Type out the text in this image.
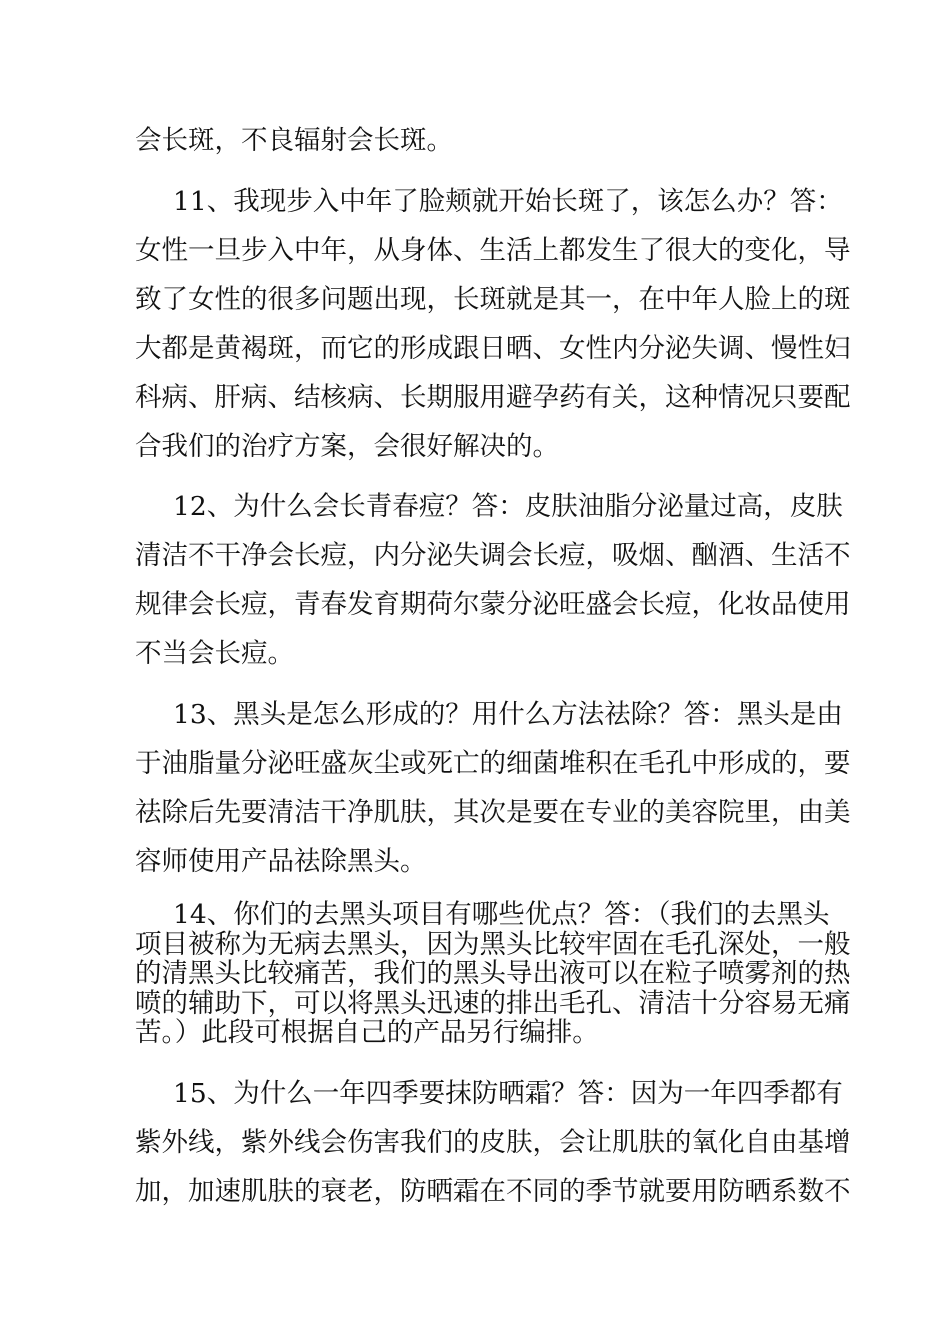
会长斑，不良辐射会长斑。

11、我现步入中年了脸颊就开始长斑了，该怎么办？答：
女性一旦步入中年，从身体、生活上都发生了很大的变化，导
致了女性的很多问题出现，长斑就是其一，在中年人脸上的斑
大都是黄褐斑，而它的形成跟日晒、女性内分泌失调、慢性妇
科病、肝病、结核病、长期服用避孕药有关，这种情况只要配
合我们的治疗方案，会很好解决的。

12、为什么会长青春痘？答：皮肤油脂分泌量过高，皮肤
清洁不干净会长痘，内分泌失调会长痘，吸烟、酗酒、生活不
规律会长痘，青春发育期荷尔蒙分泌旺盛会长痘，化妆品使用
不当会长痘。

13、黑头是怎么形成的？用什么方法祛除？答：黑头是由
于油脂量分泌旺盛灰尘或死亡的细菌堆积在毛孔中形成的，要
祛除后先要清洁干净肌肤，其次是要在专业的美容院里，由美
容师使用产品祛除黑头。

14、你们的去黑头项目有哪些优点？答：（我们的去黑头
项目被称为无病去黑头，因为黑头比较牢固在毛孔深处，一般
的清黑头比较痛苦，我们的黑头导出液可以在粒子喷雾剂的热
喷的辅助下，可以将黑头迅速的排出毛孔、清洁十分容易无痛
苦。）此段可根据自己的产品另行编排。

15、为什么一年四季要抹防晒霜？答：因为一年四季都有
紫外线，紫外线会伤害我们的皮肤，会让肌肤的氧化自由基增
加，加速肌肤的衰老，防晒霜在不同的季节就要用防晒系数不
